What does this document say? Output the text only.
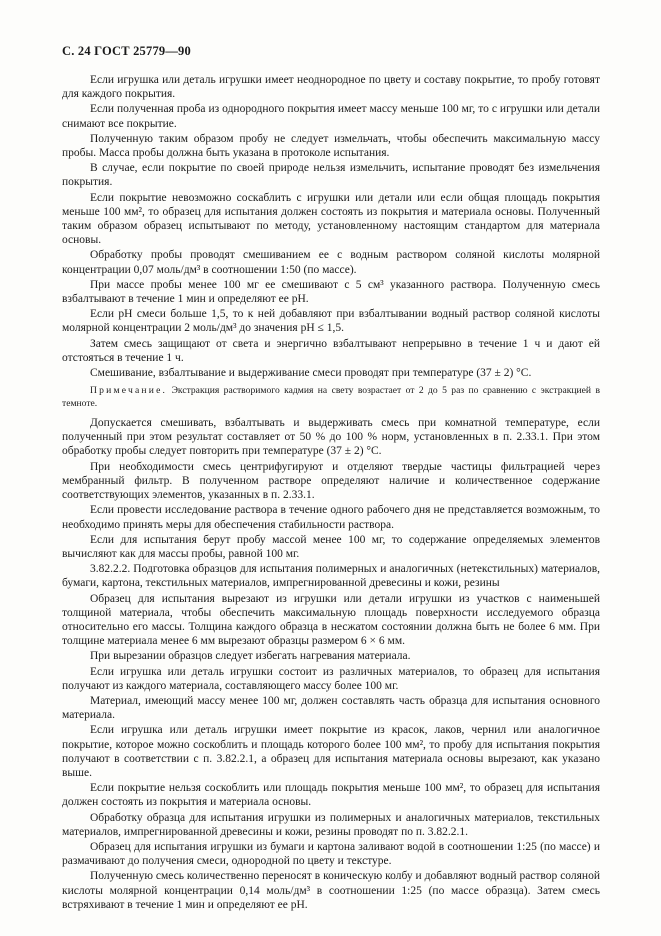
С. 24 ГОСТ 25779—90

Если игрушка или деталь игрушки имеет неоднородное по цвету и составу покрытие, то пробу готовят для каждого покрытия.

Если полученная проба из однородного покрытия имеет массу меньше 100 мг, то с игрушки или детали снимают все покрытие.

Полученную таким образом пробу не следует измельчать, чтобы обеспечить максимальную массу пробы. Масса пробы должна быть указана в протоколе испытания.

В случае, если покрытие по своей природе нельзя измельчить, испытание проводят без измельчения покрытия.

Если покрытие невозможно соскаблить с игрушки или детали или если общая площадь покрытия меньше 100 мм², то образец для испытания должен состоять из покрытия и материала основы. Полученный таким образом образец испытывают по методу, установленному настоящим стандартом для материала основы.

Обработку пробы проводят смешиванием ее с водным раствором соляной кислоты молярной концентрации 0,07 моль/дм³ в соотношении 1:50 (по массе).

При массе пробы менее 100 мг ее смешивают с 5 см³ указанного раствора. Полученную смесь взбалтывают в течение 1 мин и определяют ее pH.

Если pH смеси больше 1,5, то к ней добавляют при взбалтывании водный раствор соляной кислоты молярной концентрации 2 моль/дм³ до значения pH ≤ 1,5.

Затем смесь защищают от света и энергично взбалтывают непрерывно в течение 1 ч и дают ей отстояться в течение 1 ч.

Смешивание, взбалтывание и выдерживание смеси проводят при температуре (37 ± 2) °С.

Примечание. Экстракция растворимого кадмия на свету возрастает от 2 до 5 раз по сравнению с экстракцией в темноте.

Допускается смешивать, взбалтывать и выдерживать смесь при комнатной температуре, если полученный при этом результат составляет от 50 % до 100 % норм, установленных в п. 2.33.1. При этом обработку пробы следует повторить при температуре (37 ± 2) °С.

При необходимости смесь центрифугируют и отделяют твердые частицы фильтрацией через мембранный фильтр. В полученном растворе определяют наличие и количественное содержание соответствующих элементов, указанных в п. 2.33.1.

Если провести исследование раствора в течение одного рабочего дня не представляется возможным, то необходимо принять меры для обеспечения стабильности раствора.

Если для испытания берут пробу массой менее 100 мг, то содержание определяемых элементов вычисляют как для массы пробы, равной 100 мг.

3.82.2.2. Подготовка образцов для испытания полимерных и аналогичных (нетекстильных) материалов, бумаги, картона, текстильных материалов, импрегнированной древесины и кожи, резины

Образец для испытания вырезают из игрушки или детали игрушки из участков с наименьшей толщиной материала, чтобы обеспечить максимальную площадь поверхности исследуемого образца относительно его массы. Толщина каждого образца в несжатом состоянии должна быть не более 6 мм. При толщине материала менее 6 мм вырезают образцы размером 6 × 6 мм.

При вырезании образцов следует избегать нагревания материала.

Если игрушка или деталь игрушки состоит из различных материалов, то образец для испытания получают из каждого материала, составляющего массу более 100 мг.

Материал, имеющий массу менее 100 мг, должен составлять часть образца для испытания основного материала.

Если игрушка или деталь игрушки имеет покрытие из красок, лаков, чернил или аналогичное покрытие, которое можно соскоблить и площадь которого более 100 мм², то пробу для испытания покрытия получают в соответствии с п. 3.82.2.1, а образец для испытания материала основы вырезают, как указано выше.

Если покрытие нельзя соскоблить или площадь покрытия меньше 100 мм², то образец для испытания должен состоять из покрытия и материала основы.

Обработку образца для испытания игрушки из полимерных и аналогичных материалов, текстильных материалов, импрегнированной древесины и кожи, резины проводят по п. 3.82.2.1.

Образец для испытания игрушки из бумаги и картона заливают водой в соотношении 1:25 (по массе) и размачивают до получения смеси, однородной по цвету и текстуре.

Полученную смесь количественно переносят в коническую колбу и добавляют водный раствор соляной кислоты молярной концентрации 0,14 моль/дм³ в соотношении 1:25 (по массе образца). Затем смесь встряхивают в течение 1 мин и определяют ее pH.
